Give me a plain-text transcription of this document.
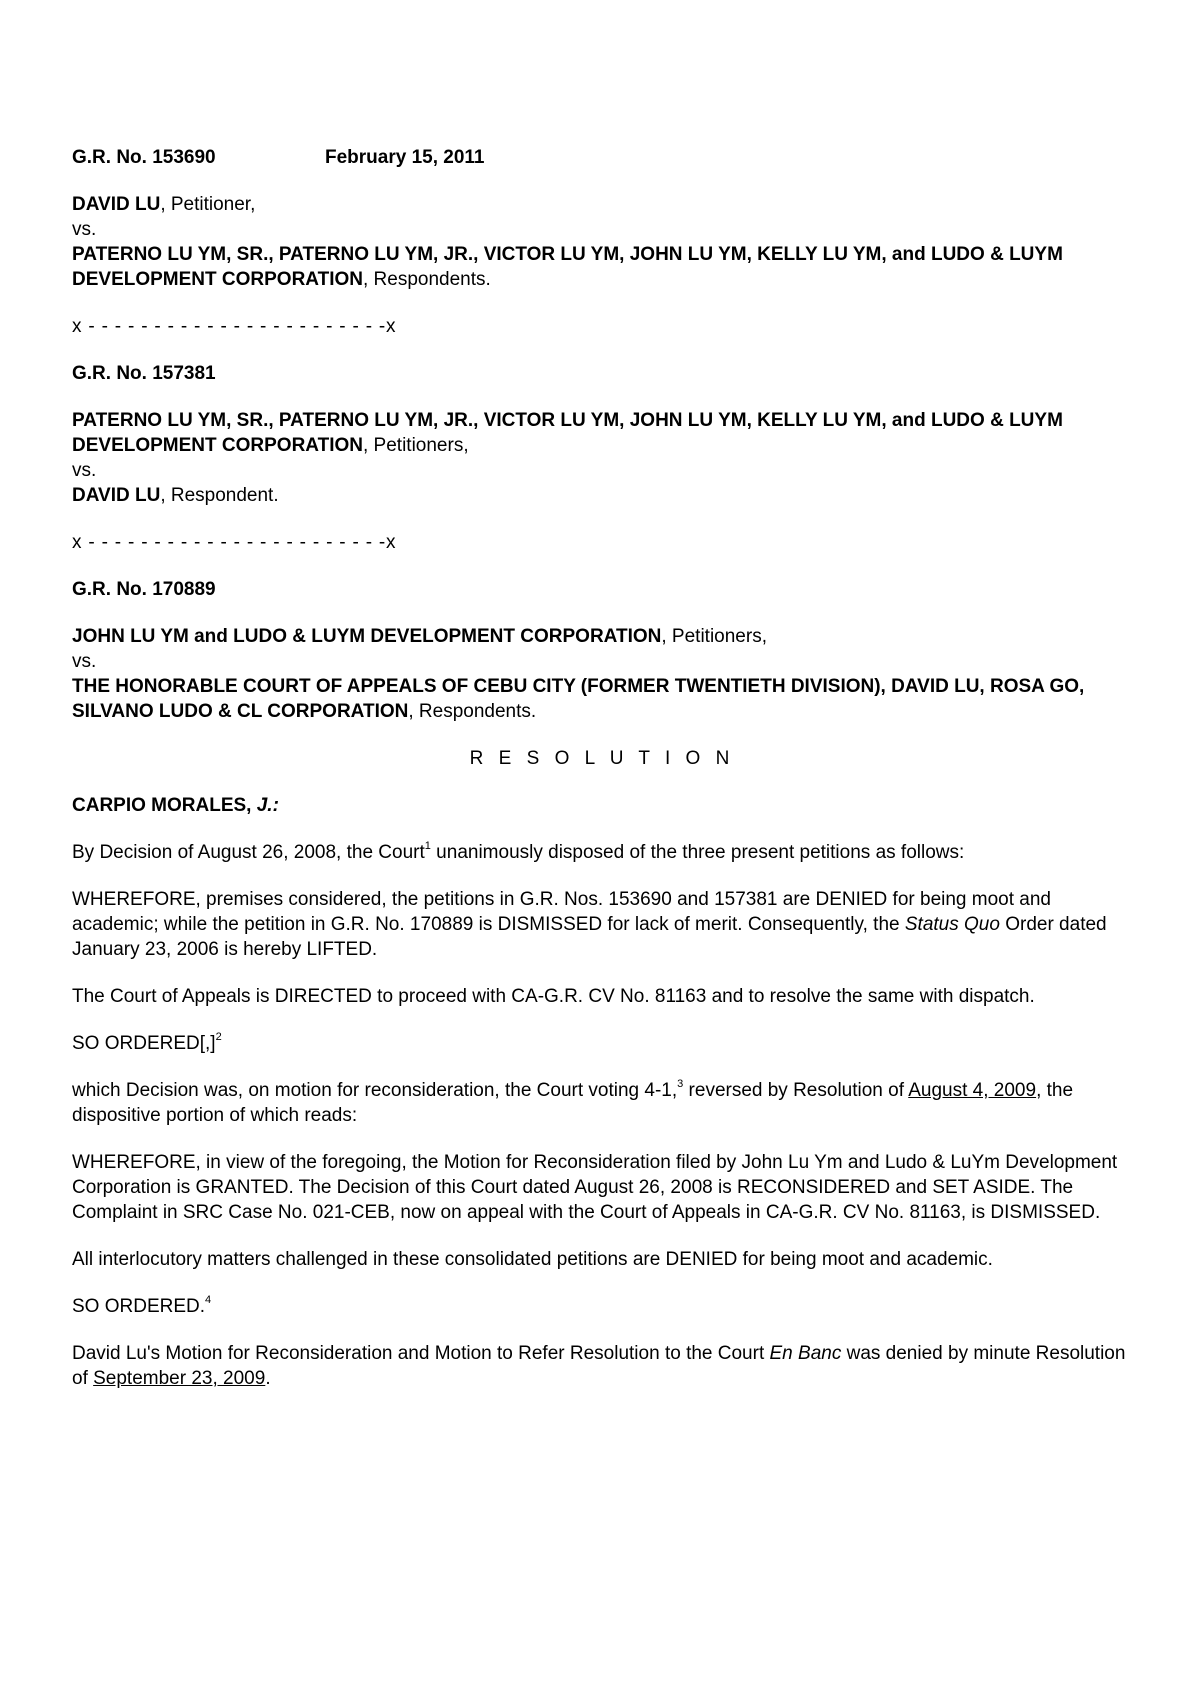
G.R. No. 153690	February 15, 2011

DAVID LU, Petitioner,

vs.

PATERNO LU YM, SR., PATERNO LU YM, JR., VICTOR LU YM, JOHN LU YM, KELLY LU YM, and LUDO & LUYM DEVELOPMENT CORPORATION, Respondents.

x - - - - - - - - - - - - - - - - - - - - - - -x

G.R. No. 157381

PATERNO LU YM, SR., PATERNO LU YM, JR., VICTOR LU YM, JOHN LU YM, KELLY LU YM, and LUDO & LUYM DEVELOPMENT CORPORATION, Petitioners,

vs.

DAVID LU, Respondent.

x - - - - - - - - - - - - - - - - - - - - - - -x

G.R. No. 170889

JOHN LU YM and LUDO & LUYM DEVELOPMENT CORPORATION, Petitioners,

vs.

THE HONORABLE COURT OF APPEALS OF CEBU CITY (FORMER TWENTIETH DIVISION), DAVID LU, ROSA GO, SILVANO LUDO & CL CORPORATION, Respondents.

R E S O L U T I O N

CARPIO MORALES, J.:

By Decision of August 26, 2008, the Court$^1$ unanimously disposed of the three present petitions as follows:

WHEREFORE, premises considered, the petitions in G.R. Nos. 153690 and 157381 are DENIED for being moot and academic; while the petition in G.R. No. 170889 is DISMISSED for lack of merit. Consequently, the Status Quo Order dated January 23, 2006 is hereby LIFTED.

The Court of Appeals is DIRECTED to proceed with CA-G.R. CV No. 81163 and to resolve the same with dispatch.

SO ORDERED[,]$^2$

which Decision was, on motion for reconsideration, the Court voting 4-1,$^3$ reversed by Resolution of August 4, 2009, the dispositive portion of which reads:

WHEREFORE, in view of the foregoing, the Motion for Reconsideration filed by John Lu Ym and Ludo & LuYm Development Corporation is GRANTED. The Decision of this Court dated August 26, 2008 is RECONSIDERED and SET ASIDE. The Complaint in SRC Case No. 021-CEB, now on appeal with the Court of Appeals in CA-G.R. CV No. 81163, is DISMISSED.

All interlocutory matters challenged in these consolidated petitions are DENIED for being moot and academic.

SO ORDERED.$^4$

David Lu's Motion for Reconsideration and Motion to Refer Resolution to the Court En Banc was denied by minute Resolution of September 23, 2009.
